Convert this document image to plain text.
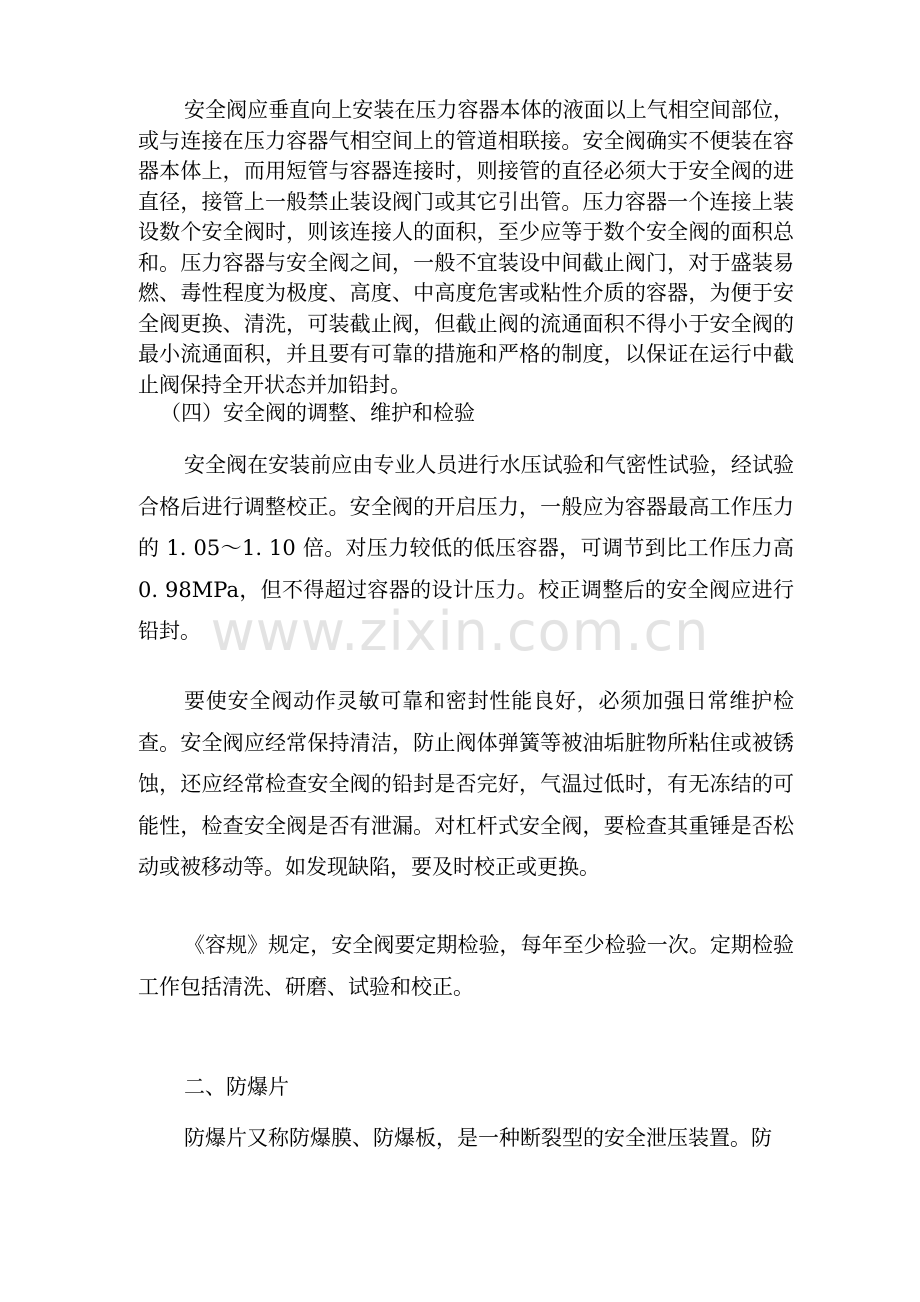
安全阀应垂直向上安装在压力容器本体的液面以上气相空间部位，或与连接在压力容器气相空间上的管道相联接。安全阀确实不便装在容器本体上，而用短管与容器连接时，则接管的直径必须大于安全阀的进直径，接管上一般禁止装设阀门或其它引出管。压力容器一个连接上装设数个安全阀时，则该连接人的面积，至少应等于数个安全阀的面积总和。压力容器与安全阀之间，一般不宜装设中间截止阀门，对于盛装易燃、毒性程度为极度、高度、中高度危害或粘性介质的容器，为便于安全阀更换、清洗，可装截止阀，但截止阀的流通面积不得小于安全阀的最小流通面积，并且要有可靠的措施和严格的制度，以保证在运行中截止阀保持全开状态并加铅封。

（四）安全阀的调整、维护和检验

安全阀在安装前应由专业人员进行水压试验和气密性试验，经试验合格后进行调整校正。安全阀的开启压力，一般应为容器最高工作压力的 1. 05～1. 10 倍。对压力较低的低压容器，可调节到比工作压力高 0. 98MPa，但不得超过容器的设计压力。校正调整后的安全阀应进行铅封。

要使安全阀动作灵敏可靠和密封性能良好，必须加强日常维护检查。安全阀应经常保持清洁，防止阀体弹簧等被油垢脏物所粘住或被锈蚀，还应经常检查安全阀的铅封是否完好，气温过低时，有无冻结的可能性，检查安全阀是否有泄漏。对杠杆式安全阀，要检查其重锤是否松动或被移动等。如发现缺陷，要及时校正或更换。

《容规》规定，安全阀要定期检验，每年至少检验一次。定期检验工作包括清洗、研磨、试验和校正。

二、防爆片

防爆片又称防爆膜、防爆板，是一种断裂型的安全泄压装置。防

www.zixin.com.cn
